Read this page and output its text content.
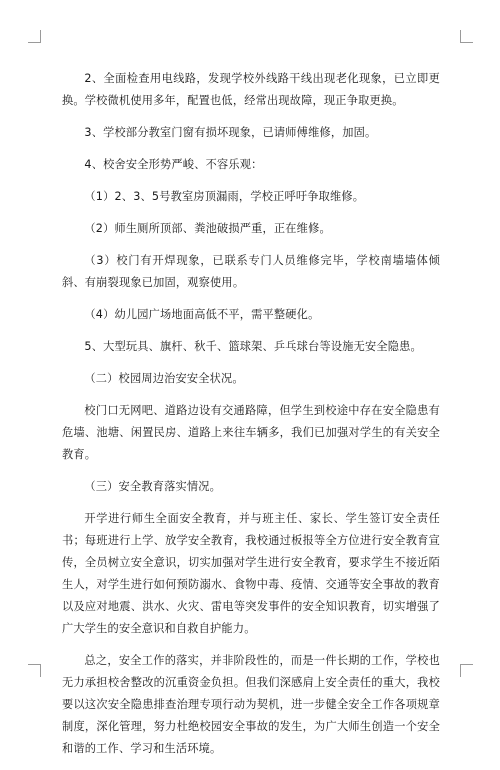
2、全面检查用电线路，发现学校外线路干线出现老化现象，已立即更换。学校微机使用多年，配置也低，经常出现故障，现正争取更换。

3、学校部分教室门窗有损坏现象，已请师傅维修，加固。

4、校舍安全形势严峻、不容乐观：

（1）2、3、5号教室房顶漏雨，学校正呼吁争取维修。

（2）师生厕所顶部、粪池破损严重，正在维修。

（3）校门有开焊现象，已联系专门人员维修完毕，学校南墙墙体倾斜、有崩裂现象已加固，观察使用。

（4）幼儿园广场地面高低不平，需平整硬化。

5、大型玩具、旗杆、秋千、篮球架、乒乓球台等设施无安全隐患。

（二）校园周边治安安全状况。

校门口无网吧、道路边设有交通路障，但学生到校途中存在安全隐患有危墙、池塘、闲置民房、道路上来往车辆多，我们已加强对学生的有关安全教育。

（三）安全教育落实情况。

开学进行师生全面安全教育，并与班主任、家长、学生签订安全责任书；每班进行上学、放学安全教育，我校通过板报等全方位进行安全教育宣传，全员树立安全意识，切实加强对学生进行安全教育，要求学生不接近陌生人，对学生进行如何预防溺水、食物中毒、疫情、交通等安全事故的教育以及应对地震、洪水、火灾、雷电等突发事件的安全知识教育，切实增强了广大学生的安全意识和自救自护能力。

总之，安全工作的落实，并非阶段性的，而是一件长期的工作，学校也无力承担校舍整改的沉重资金负担。但我们深感肩上安全责任的重大，我校要以这次安全隐患排查治理专项行动为契机，进一步健全安全工作各项规章制度，深化管理，努力杜绝校园安全事故的发生，为广大师生创造一个安全和谐的工作、学习和生活环境。
